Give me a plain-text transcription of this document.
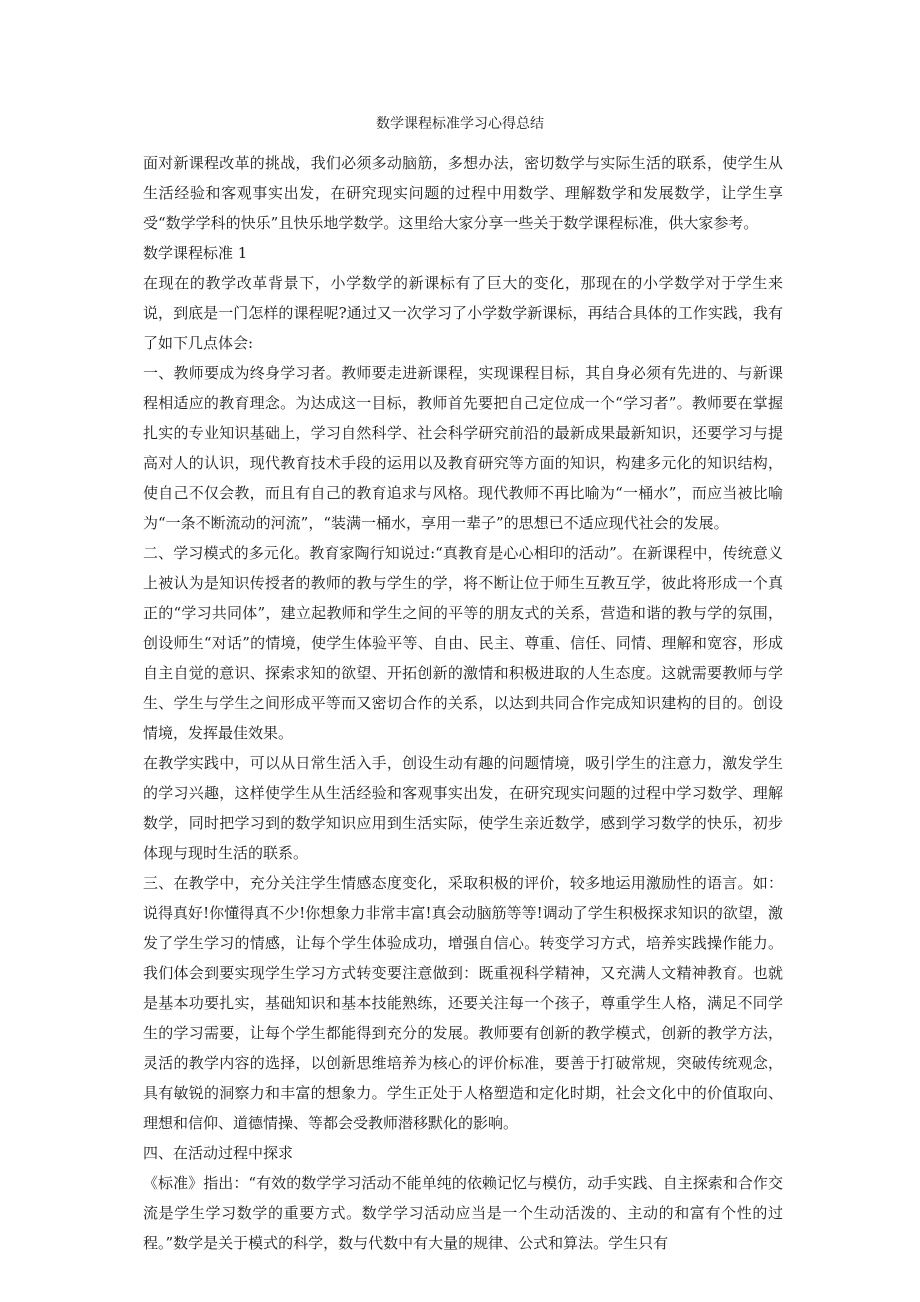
数学课程标准学习心得总结

面对新课程改革的挑战，我们必须多动脑筋，多想办法，密切数学与实际生活的联系，使学生从生活经验和客观事实出发，在研究现实问题的过程中用数学、理解数学和发展数学，让学生享受“数学学科的快乐”且快乐地学数学。这里给大家分享一些关于数学课程标准，供大家参考。

数学课程标准 1

在现在的教学改革背景下，小学数学的新课标有了巨大的变化，那现在的小学数学对于学生来说，到底是一门怎样的课程呢?通过又一次学习了小学数学新课标，再结合具体的工作实践，我有了如下几点体会:

一、教师要成为终身学习者。教师要走进新课程，实现课程目标，其自身必须有先进的、与新课程相适应的教育理念。为达成这一目标，教师首先要把自己定位成一个“学习者”。教师要在掌握扎实的专业知识基础上，学习自然科学、社会科学研究前沿的最新成果最新知识，还要学习与提高对人的认识，现代教育技术手段的运用以及教育研究等方面的知识，构建多元化的知识结构，使自己不仅会教，而且有自己的教育追求与风格。现代教师不再比喻为“一桶水”，而应当被比喻为“一条不断流动的河流”，“装满一桶水，享用一辈子”的思想已不适应现代社会的发展。

二、学习模式的多元化。教育家陶行知说过:“真教育是心心相印的活动”。在新课程中，传统意义上被认为是知识传授者的教师的教与学生的学，将不断让位于师生互教互学，彼此将形成一个真正的“学习共同体”，建立起教师和学生之间的平等的朋友式的关系，营造和谐的教与学的氛围，创设师生“对话”的情境，使学生体验平等、自由、民主、尊重、信任、同情、理解和宽容，形成自主自觉的意识、探索求知的欲望、开拓创新的激情和积极进取的人生态度。这就需要教师与学生、学生与学生之间形成平等而又密切合作的关系，以达到共同合作完成知识建构的目的。创设情境，发挥最佳效果。

在教学实践中，可以从日常生活入手，创设生动有趣的问题情境，吸引学生的注意力，激发学生的学习兴趣，这样使学生从生活经验和客观事实出发，在研究现实问题的过程中学习数学、理解数学，同时把学习到的数学知识应用到生活实际，使学生亲近数学，感到学习数学的快乐，初步体现与现时生活的联系。

三、在教学中，充分关注学生情感态度变化，采取积极的评价，较多地运用激励性的语言。如：说得真好!你懂得真不少!你想象力非常丰富!真会动脑筋等等!调动了学生积极探求知识的欲望，激发了学生学习的情感，让每个学生体验成功，增强自信心。转变学习方式，培养实践操作能力。我们体会到要实现学生学习方式转变要注意做到：既重视科学精神，又充满人文精神教育。也就是基本功要扎实，基础知识和基本技能熟练，还要关注每一个孩子，尊重学生人格，满足不同学生的学习需要，让每个学生都能得到充分的发展。教师要有创新的教学模式，创新的教学方法，灵活的教学内容的选择，以创新思维培养为核心的评价标准，要善于打破常规，突破传统观念，具有敏锐的洞察力和丰富的想象力。学生正处于人格塑造和定化时期，社会文化中的价值取向、理想和信仰、道德情操、等都会受教师潜移默化的影响。

四、在活动过程中探求

《标准》指出：“有效的数学学习活动不能单纯的依赖记忆与模仿，动手实践、自主探索和合作交流是学生学习数学的重要方式。数学学习活动应当是一个生动活泼的、主动的和富有个性的过程。”数学是关于模式的科学，数与代数中有大量的规律、公式和算法。学生只有
